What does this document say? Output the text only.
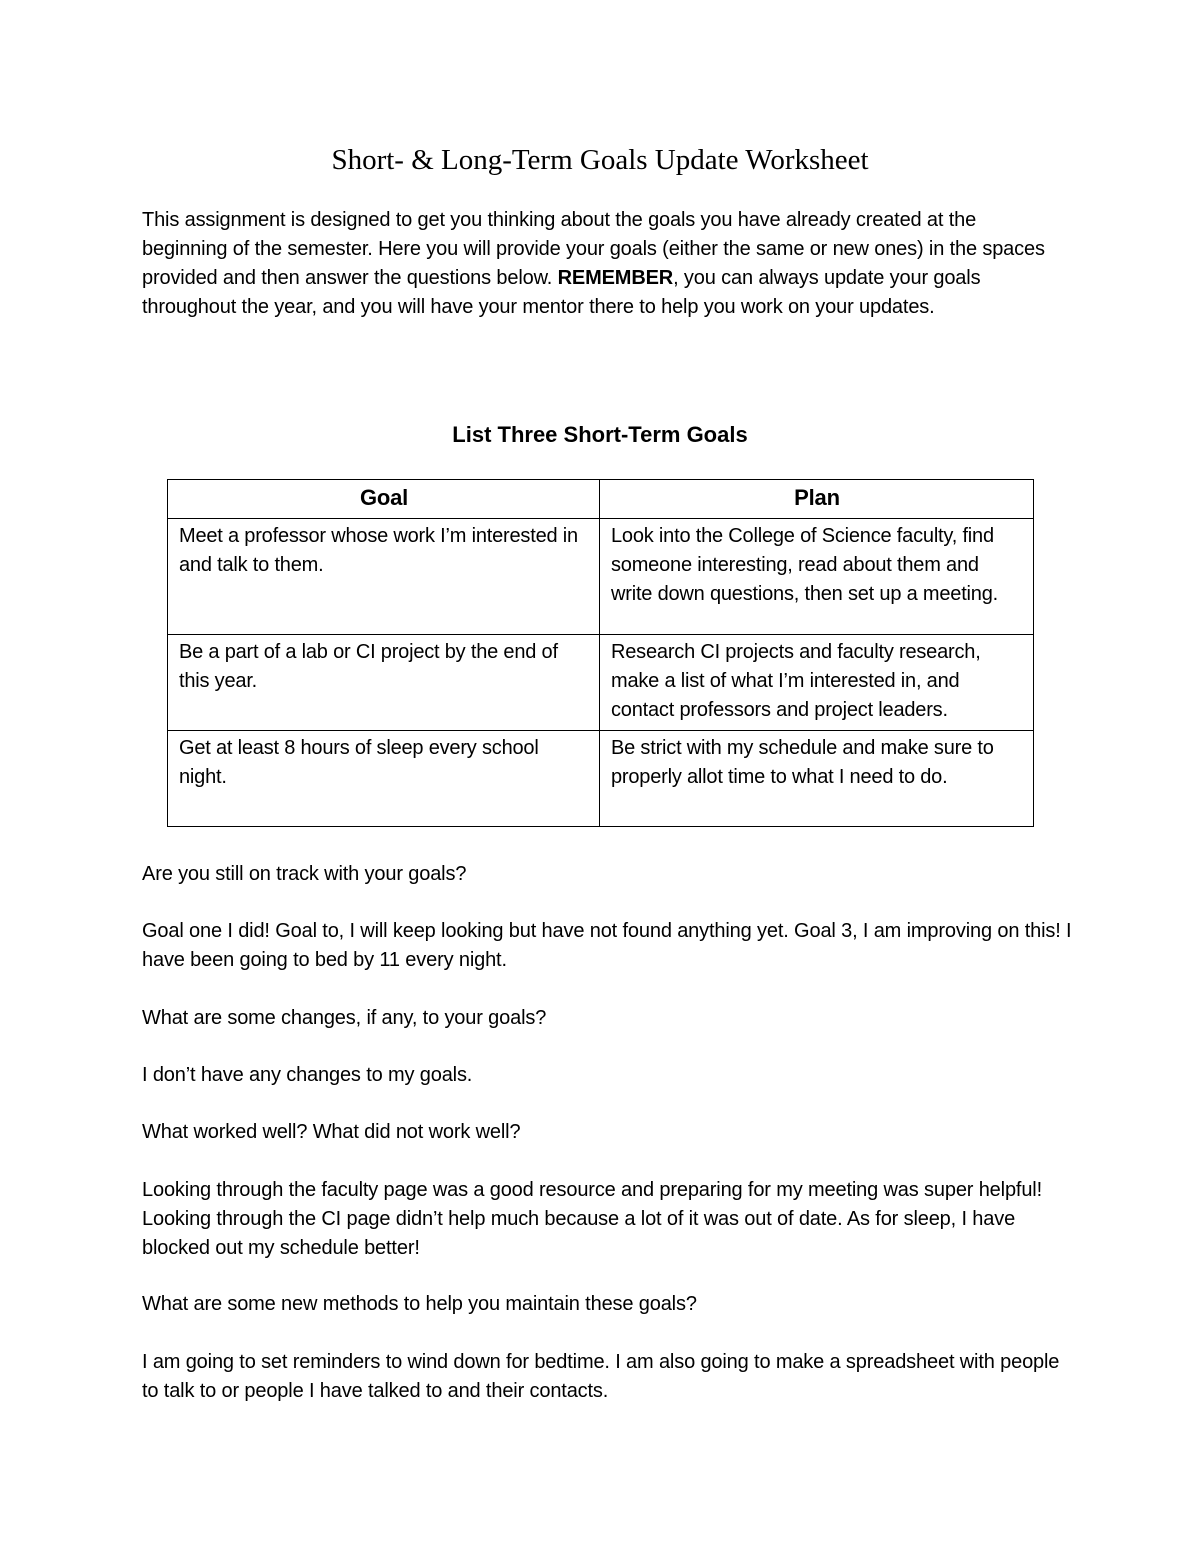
Short- & Long-Term Goals Update Worksheet

This assignment is designed to get you thinking about the goals you have already created at the beginning of the semester. Here you will provide your goals (either the same or new ones) in the spaces provided and then answer the questions below. REMEMBER, you can always update your goals throughout the year, and you will have your mentor there to help you work on your updates.

List Three Short-Term Goals
Goal	Plan
Meet a professor whose work I’m interested in and talk to them.	Look into the College of Science faculty, find someone interesting, read about them and write down questions, then set up a meeting.
Be a part of a lab or CI project by the end of this year.	Research CI projects and faculty research, make a list of what I’m interested in, and contact professors and project leaders.
Get at least 8 hours of sleep every school night.	Be strict with my schedule and make sure to properly allot time to what I need to do.

Are you still on track with your goals?

Goal one I did! Goal to, I will keep looking but have not found anything yet. Goal 3, I am improving on this! I have been going to bed by 11 every night.

What are some changes, if any, to your goals?

I don’t have any changes to my goals.

What worked well? What did not work well?

Looking through the faculty page was a good resource and preparing for my meeting was super helpful! Looking through the CI page didn’t help much because a lot of it was out of date. As for sleep, I have blocked out my schedule better!

What are some new methods to help you maintain these goals?

I am going to set reminders to wind down for bedtime. I am also going to make a spreadsheet with people to talk to or people I have talked to and their contacts.
